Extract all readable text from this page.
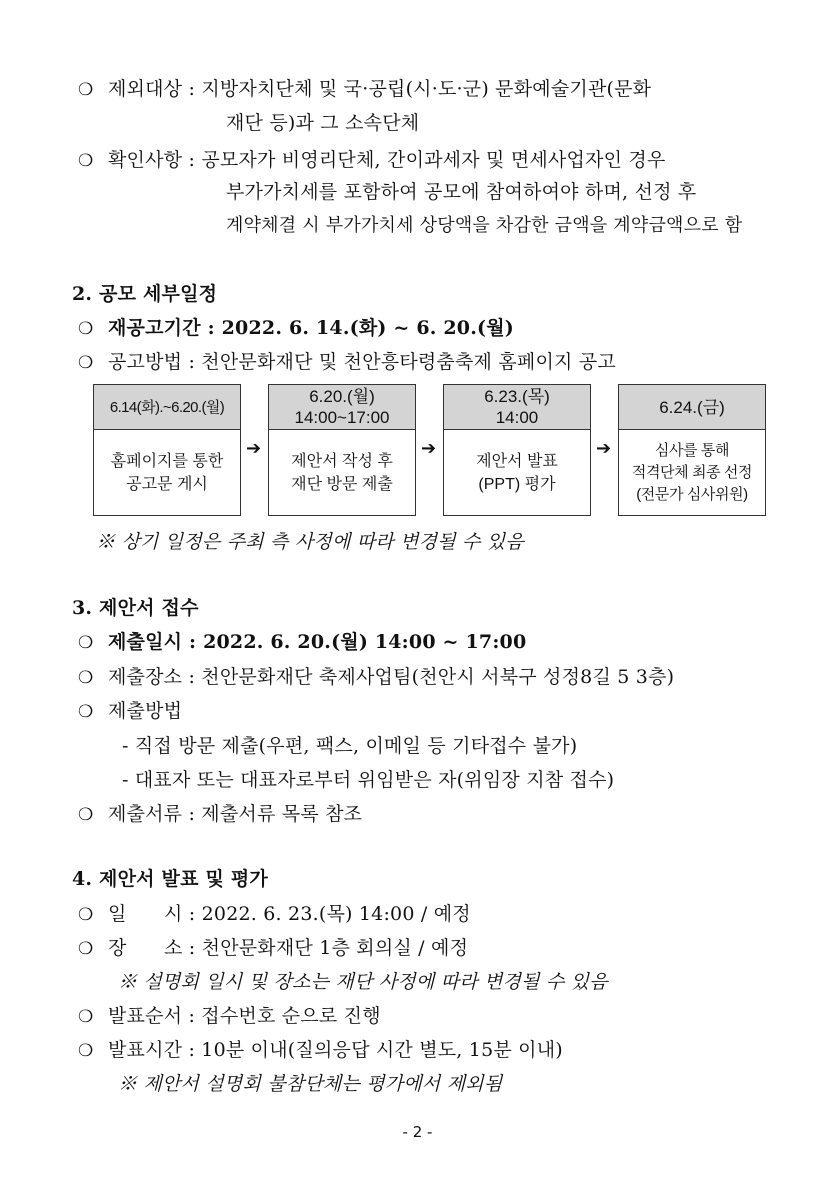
❍ 제외대상 : 지방자치단체 및 국·공립(시·도·군) 문화예술기관(문화
재단 등)과 그 소속단체
❍ 확인사항 : 공모자가 비영리단체, 간이과세자 및 면세사업자인 경우
부가가치세를 포함하여 공모에 참여하여야 하며, 선정 후
계약체결 시 부가가치세 상당액을 차감한 금액을 계약금액으로 함
2. 공모 세부일정
❍ 재공고기간 : 2022. 6. 14.(화) ~ 6. 20.(월)
❍ 공고방법 : 천안문화재단 및 천안흥타령춤축제 홈페이지 공고
6.14(화).~6.20.(월)
홈페이지를 통한
공고문 게시
➔
6.20.(월)
14:00~17:00
제안서 작성 후
재단 방문 제출
➔
6.23.(목)
14:00
제안서 발표
(PPT) 평가
➔
6.24.(금)
심사를 통해
적격단체 최종 선정
(전문가 심사위원)
※ 상기 일정은 주최 측 사정에 따라 변경될 수 있음
3. 제안서 접수
❍ 제출일시 : 2022. 6. 20.(월) 14:00 ~ 17:00
❍ 제출장소 : 천안문화재단 축제사업팀(천안시 서북구 성정8길 5 3층)
❍ 제출방법
- 직접 방문 제출(우편, 팩스, 이메일 등 기타접수 불가)
- 대표자 또는 대표자로부터 위임받은 자(위임장 지참 접수)
❍ 제출서류 : 제출서류 목록 참조
4. 제안서 발표 및 평가
❍ 일      시 : 2022. 6. 23.(목) 14:00 / 예정
❍ 장      소 : 천안문화재단 1층 회의실 / 예정
※ 설명회 일시 및 장소는 재단 사정에 따라 변경될 수 있음
❍ 발표순서 : 접수번호 순으로 진행
❍ 발표시간 : 10분 이내(질의응답 시간 별도, 15분 이내)
※ 제안서 설명회 불참단체는 평가에서 제외됨
- 2 -
